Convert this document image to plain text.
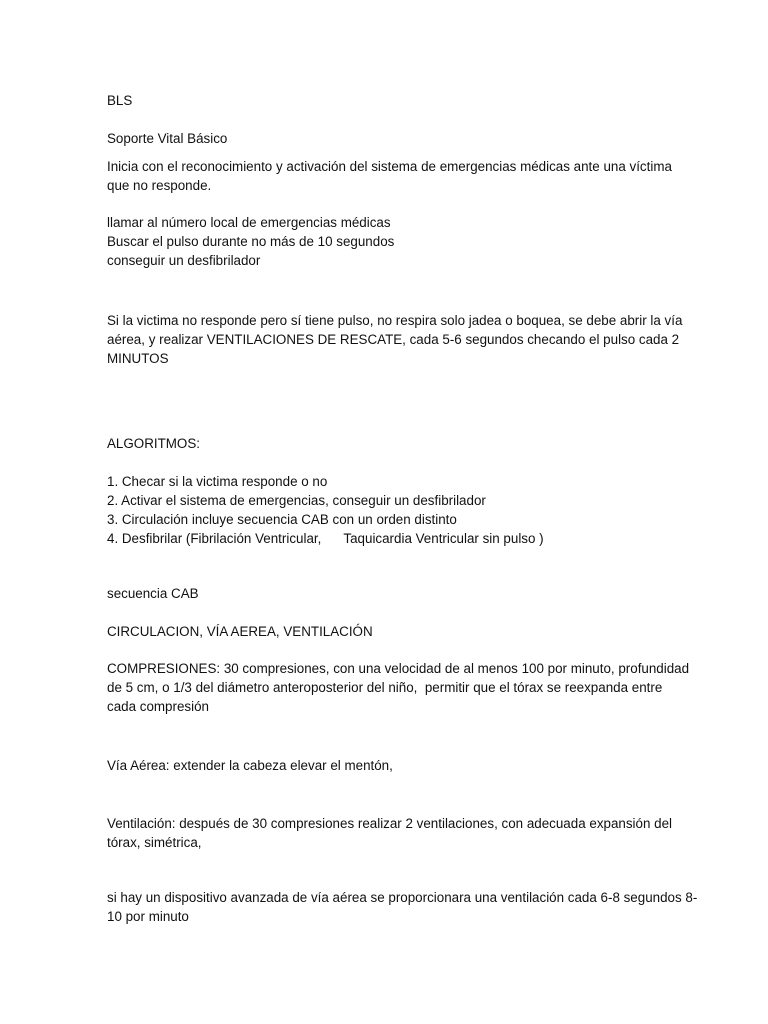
BLS
Soporte Vital Básico
Inicia con el reconocimiento y activación del sistema de emergencias médicas ante una víctima
que no responde.
llamar al número local de emergencias médicas
Buscar el pulso durante no más de 10 segundos
conseguir un desfibrilador
Si la victima no responde pero sí tiene pulso, no respira solo jadea o boquea, se debe abrir la vía
aérea, y realizar VENTILACIONES DE RESCATE, cada 5-6 segundos checando el pulso cada 2
MINUTOS
ALGORITMOS:
1. Checar si la victima responde o no
2. Activar el sistema de emergencias, conseguir un desfibrilador
3. Circulación incluye secuencia CAB con un orden distinto
4. Desfibrilar (Fibrilación Ventricular,      Taquicardia Ventricular sin pulso )
secuencia CAB
CIRCULACION, VÍA AEREA, VENTILACIÓN
COMPRESIONES: 30 compresiones, con una velocidad de al menos 100 por minuto, profundidad
de 5 cm, o 1/3 del diámetro anteroposterior del niño,  permitir que el tórax se reexpanda entre
cada compresión
Vía Aérea: extender la cabeza elevar el mentón,
Ventilación: después de 30 compresiones realizar 2 ventilaciones, con adecuada expansión del
tórax, simétrica,
si hay un dispositivo avanzada de vía aérea se proporcionara una ventilación cada 6-8 segundos 8-
10 por minuto
